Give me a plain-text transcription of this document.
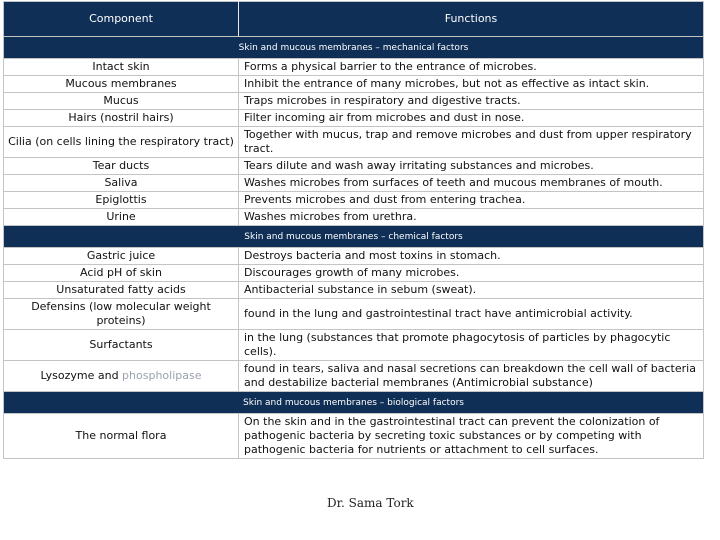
Component	Functions
Skin and mucous membranes – mechanical factors	
Intact skin	Forms a physical barrier to the entrance of microbes.
Mucous membranes	Inhibit the entrance of many microbes, but not as effective as intact skin.
Mucus	Traps microbes in respiratory and digestive tracts.
Hairs (nostril hairs)	Filter incoming air from microbes and dust in nose.
Cilia (on cells lining the respiratory tract)	Together with mucus, trap and remove microbes and dust from upper respiratory tract.
Tear ducts	Tears dilute and wash away irritating substances and microbes.
Saliva	Washes microbes from surfaces of teeth and mucous membranes of mouth.
Epiglottis	Prevents microbes and dust from entering trachea.
Urine	Washes microbes from urethra.
Skin and mucous membranes – chemical factors	
Gastric juice	Destroys bacteria and most toxins in stomach.
Acid pH of skin	Discourages growth of many microbes.
Unsaturated fatty acids	Antibacterial substance in sebum (sweat).
Defensins (low molecular weight proteins)	found in the lung and gastrointestinal tract have antimicrobial activity.
Surfactants	in the lung (substances that promote phagocytosis of particles by phagocytic cells).
Lysozyme and phospholipase	found in tears, saliva and nasal secretions can breakdown the cell wall of bacteria and destabilize bacterial membranes (Antimicrobial substance)
Skin and mucous membranes – biological factors	
The normal flora	On the skin and in the gastrointestinal tract can prevent the colonization of pathogenic bacteria by secreting toxic substances or by competing with pathogenic bacteria for nutrients or attachment to cell surfaces.
Dr. Sama Tork
